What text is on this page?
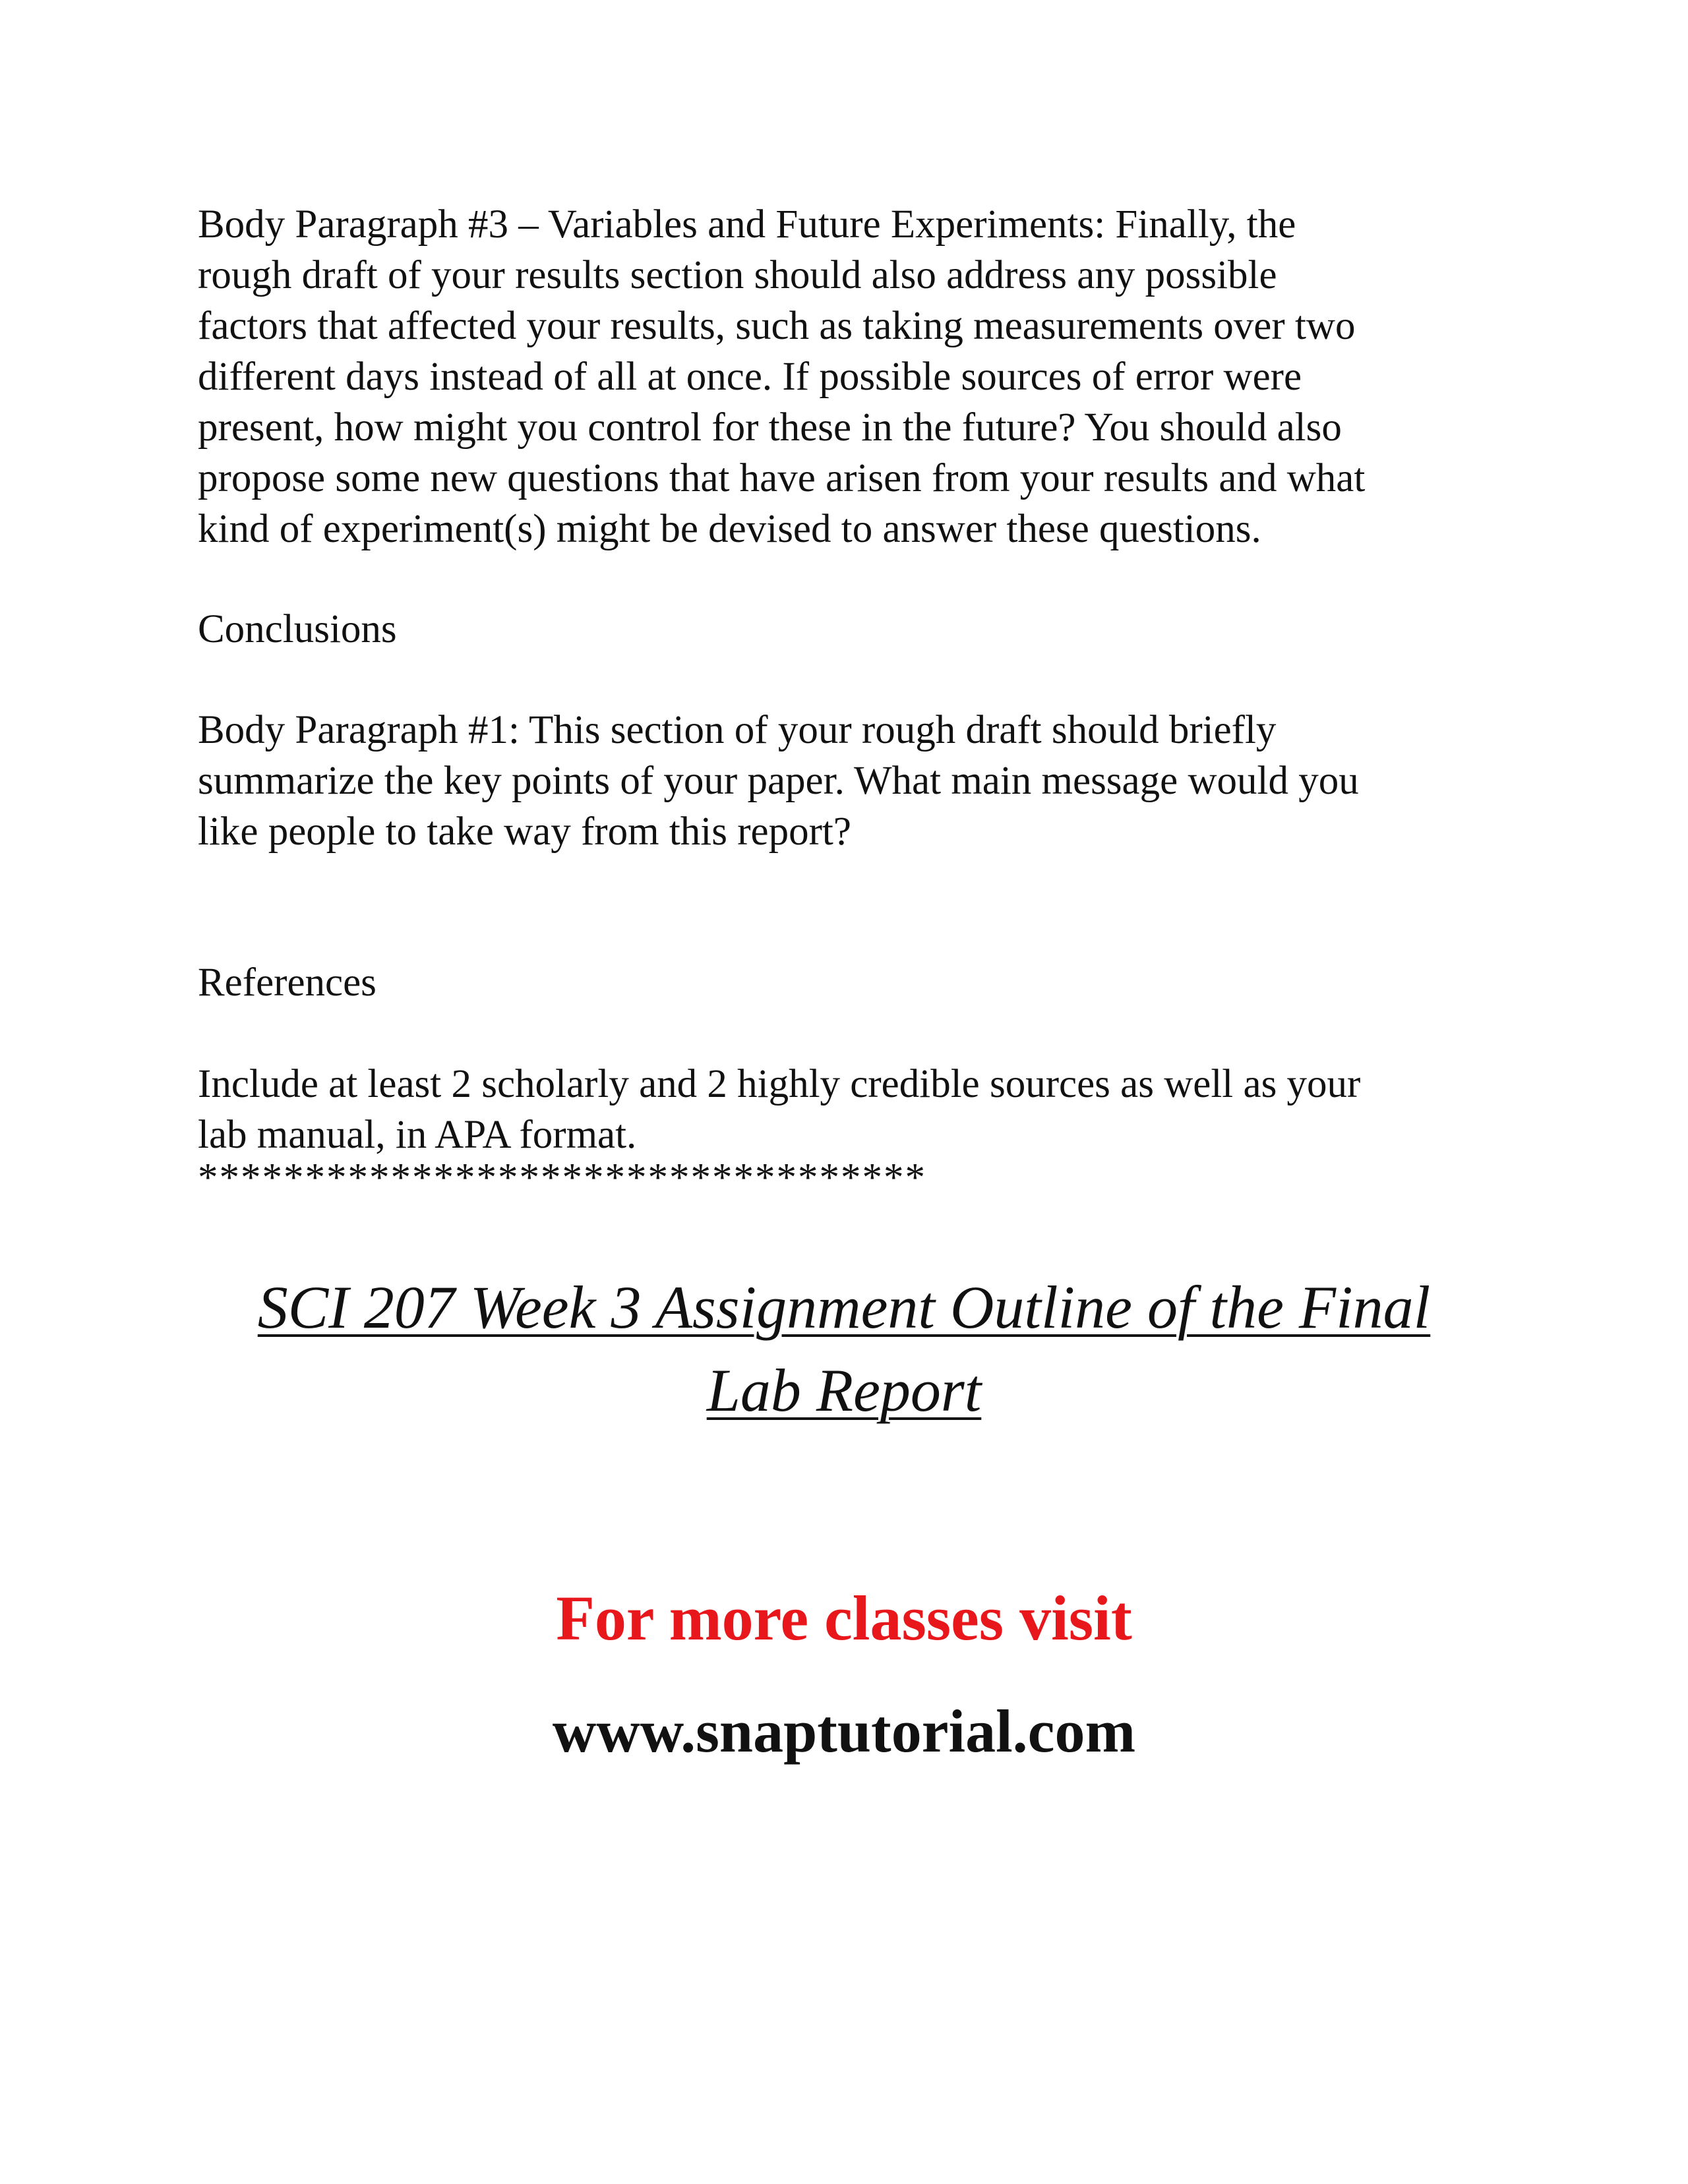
Body Paragraph #3 – Variables and Future Experiments: Finally, the
rough draft of your results section should also address any possible
factors that affected your results, such as taking measurements over two
different days instead of all at once. If possible sources of error were
present, how might you control for these in the future? You should also
propose some new questions that have arisen from your results and what
kind of experiment(s) might be devised to answer these questions.

Conclusions

Body Paragraph #1: This section of your rough draft should briefly
summarize the key points of your paper. What main message would you
like people to take way from this report?

References

Include at least 2 scholarly and 2 highly credible sources as well as your
lab manual, in APA format.

**********************************

SCI 207 Week 3 Assignment Outline of the Final
Lab Report

For more classes visit

www.snaptutorial.com
